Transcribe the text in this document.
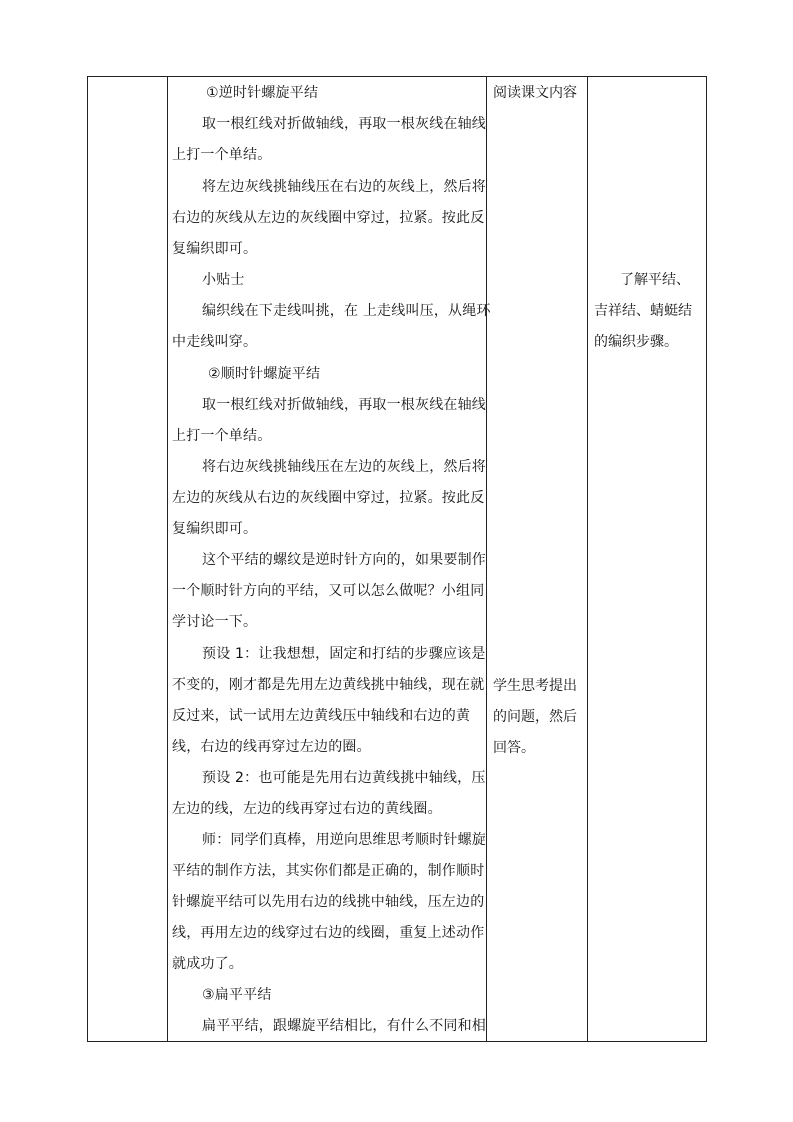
①逆时针螺旋平结
取一根红线对折做轴线，再取一根灰线在轴线
上打一个单结。
将左边灰线挑轴线压在右边的灰线上，然后将
右边的灰线从左边的灰线圈中穿过，拉紧。按此反
复编织即可。
小贴士
编织线在下走线叫挑，在 上走线叫压，从绳环
中走线叫穿。
②顺时针螺旋平结
取一根红线对折做轴线，再取一根灰线在轴线
上打一个单结。
将右边灰线挑轴线压在左边的灰线上，然后将
左边的灰线从右边的灰线圈中穿过，拉紧。按此反
复编织即可。
这个平结的螺纹是逆时针方向的，如果要制作
一个顺时针方向的平结，又可以怎么做呢？小组同
学讨论一下。
预设 1：让我想想，固定和打结的步骤应该是
不变的，刚才都是先用左边黄线挑中轴线，现在就
反过来，试一试用左边黄线压中轴线和右边的黄
线，右边的线再穿过左边的圈。
预设 2：也可能是先用右边黄线挑中轴线，压
左边的线，左边的线再穿过右边的黄线圈。
师：同学们真棒，用逆向思维思考顺时针螺旋
平结的制作方法，其实你们都是正确的，制作顺时
针螺旋平结可以先用右边的线挑中轴线，压左边的
线，再用左边的线穿过右边的线圈，重复上述动作
就成功了。
③扁平平结
扁平平结，跟螺旋平结相比，有什么不同和相
阅读课文内容
学生思考提出
的问题，然后
回答。
了解平结、
吉祥结、蜻蜓结
的编织步骤。
